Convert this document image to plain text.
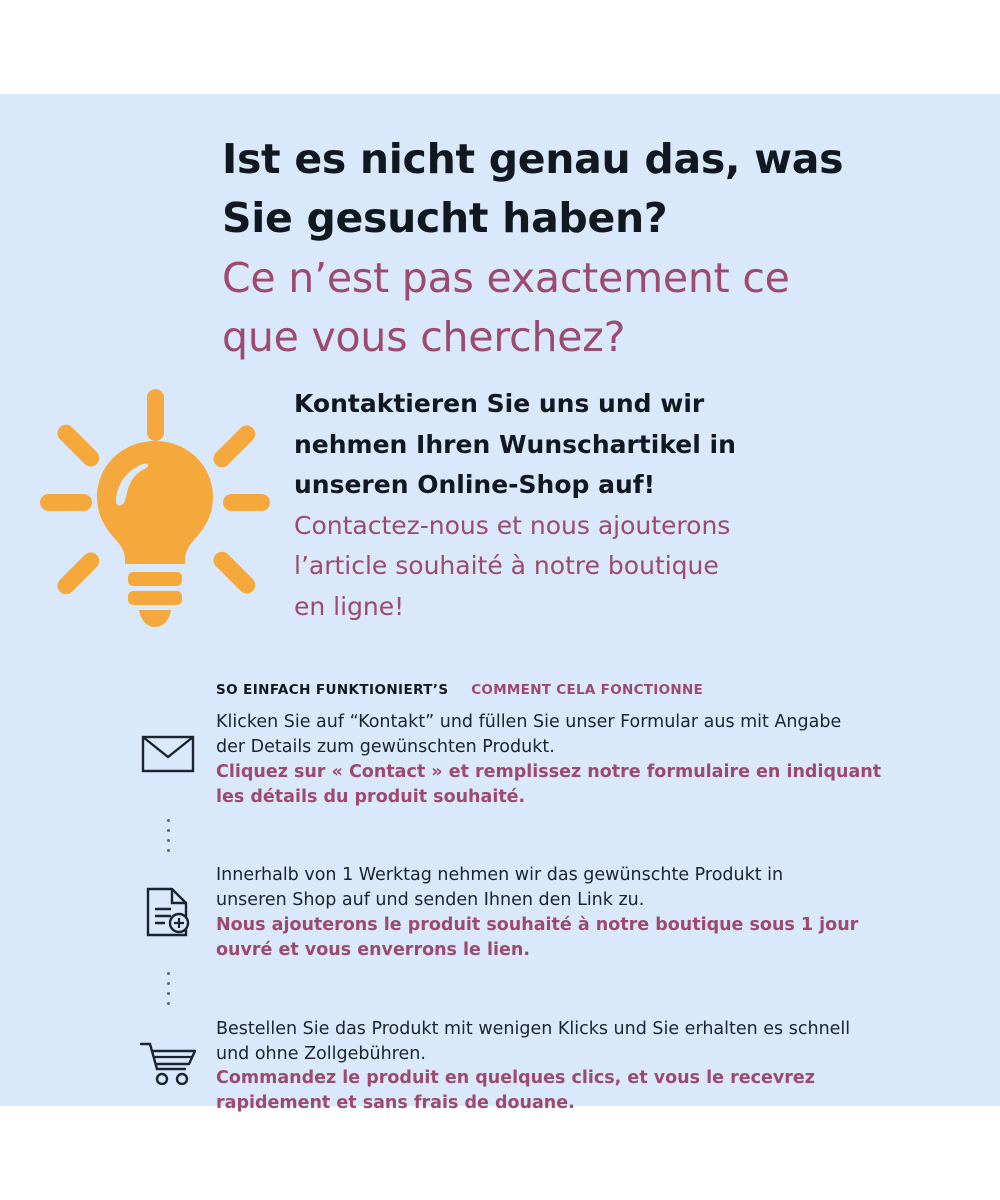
Ist es nicht genau das, was

Sie gesucht haben?

Ce n’est pas exactement ce

que vous cherchez?

Kontaktieren Sie uns und wir

nehmen Ihren Wunschartikel in

unseren Online-Shop auf!

Contactez-nous et nous ajouterons

l’article souhaité à notre boutique

en ligne!

SO EINFACH FUNKTIONIERT’S COMMENT CELA FONCTIONNE

Klicken Sie auf “Kontakt” und füllen Sie unser Formular aus mit Angabe

der Details zum gewünschten Produkt.

Cliquez sur « Contact » et remplissez notre formulaire en indiquant

les détails du produit souhaité.

Innerhalb von 1 Werktag nehmen wir das gewünschte Produkt in

unseren Shop auf und senden Ihnen den Link zu.

Nous ajouterons le produit souhaité à notre boutique sous 1 jour

ouvré et vous enverrons le lien.

Bestellen Sie das Produkt mit wenigen Klicks und Sie erhalten es schnell

und ohne Zollgebühren.

Commandez le produit en quelques clics, et vous le recevrez

rapidement et sans frais de douane.
